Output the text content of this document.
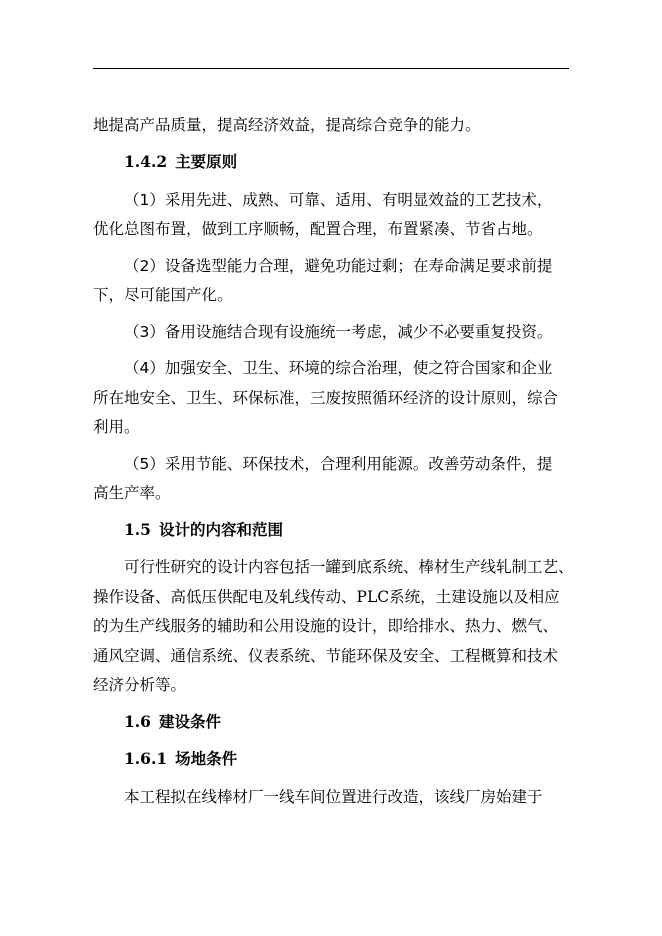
地提高产品质量，提高经济效益，提高综合竞争的能力。
1.4.2 主要原则
（1）采用先进、成熟、可靠、适用、有明显效益的工艺技术，
优化总图布置，做到工序顺畅，配置合理，布置紧凑、节省占地。
（2）设备选型能力合理，避免功能过剩；在寿命满足要求前提
下，尽可能国产化。
（3）备用设施结合现有设施统一考虑，减少不必要重复投资。
（4）加强安全、卫生、环境的综合治理，使之符合国家和企业
所在地安全、卫生、环保标准，三废按照循环经济的设计原则，综合
利用。
（5）采用节能、环保技术，合理利用能源。改善劳动条件，提
高生产率。
1.5 设计的内容和范围
可行性研究的设计内容包括一罐到底系统、棒材生产线轧制工艺、
操作设备、高低压供配电及轧线传动、PLC系统，土建设施以及相应
的为生产线服务的辅助和公用设施的设计，即给排水、热力、燃气、
通风空调、通信系统、仪表系统、节能环保及安全、工程概算和技术
经济分析等。
1.6 建设条件
1.6.1 场地条件
本工程拟在线棒材厂一线车间位置进行改造，该线厂房始建于
